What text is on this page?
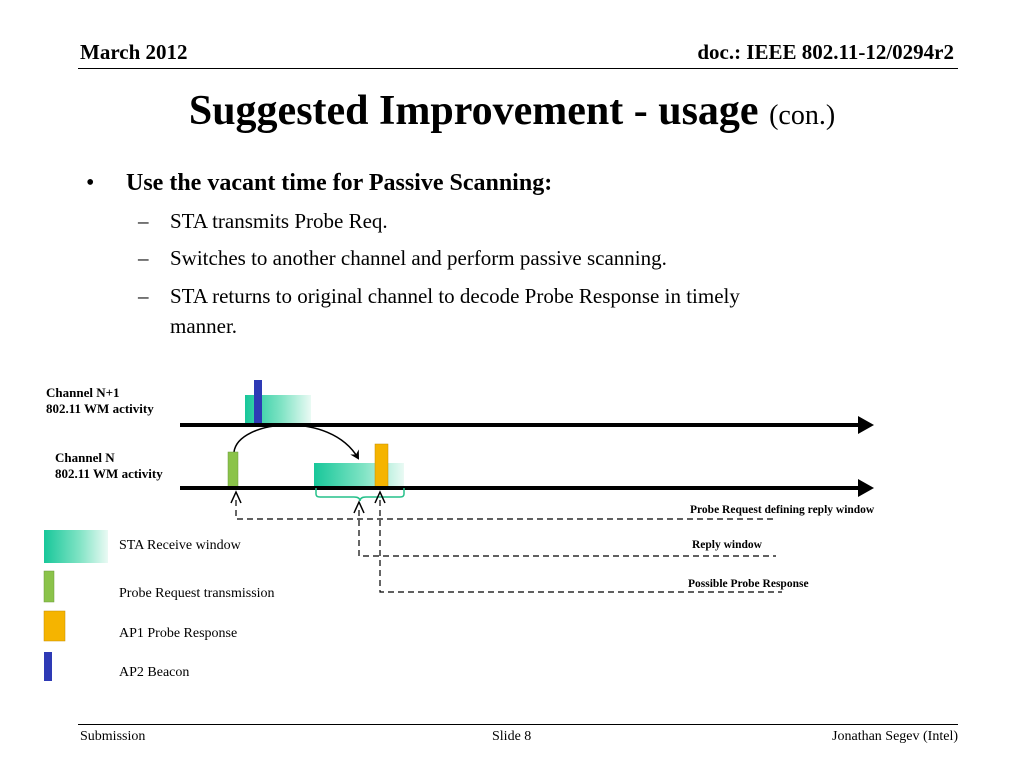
March 2012	doc.: IEEE 802.11-12/0294r2
Suggested Improvement - usage (con.)
• Use the vacant time for Passive Scanning:
– STA transmits Probe Req.
– Switches to another channel and perform passive scanning.
– STA returns to original channel to decode Probe Response in timely
manner.
Channel N+1
802.11 WM activity
Channel N
802.11 WM activity
Probe Request defining reply window
Reply window
Possible Probe Response
STA Receive window
Probe Request transmission
AP1 Probe Response
AP2 Beacon
Submission	Slide 8	Jonathan Segev (Intel)
